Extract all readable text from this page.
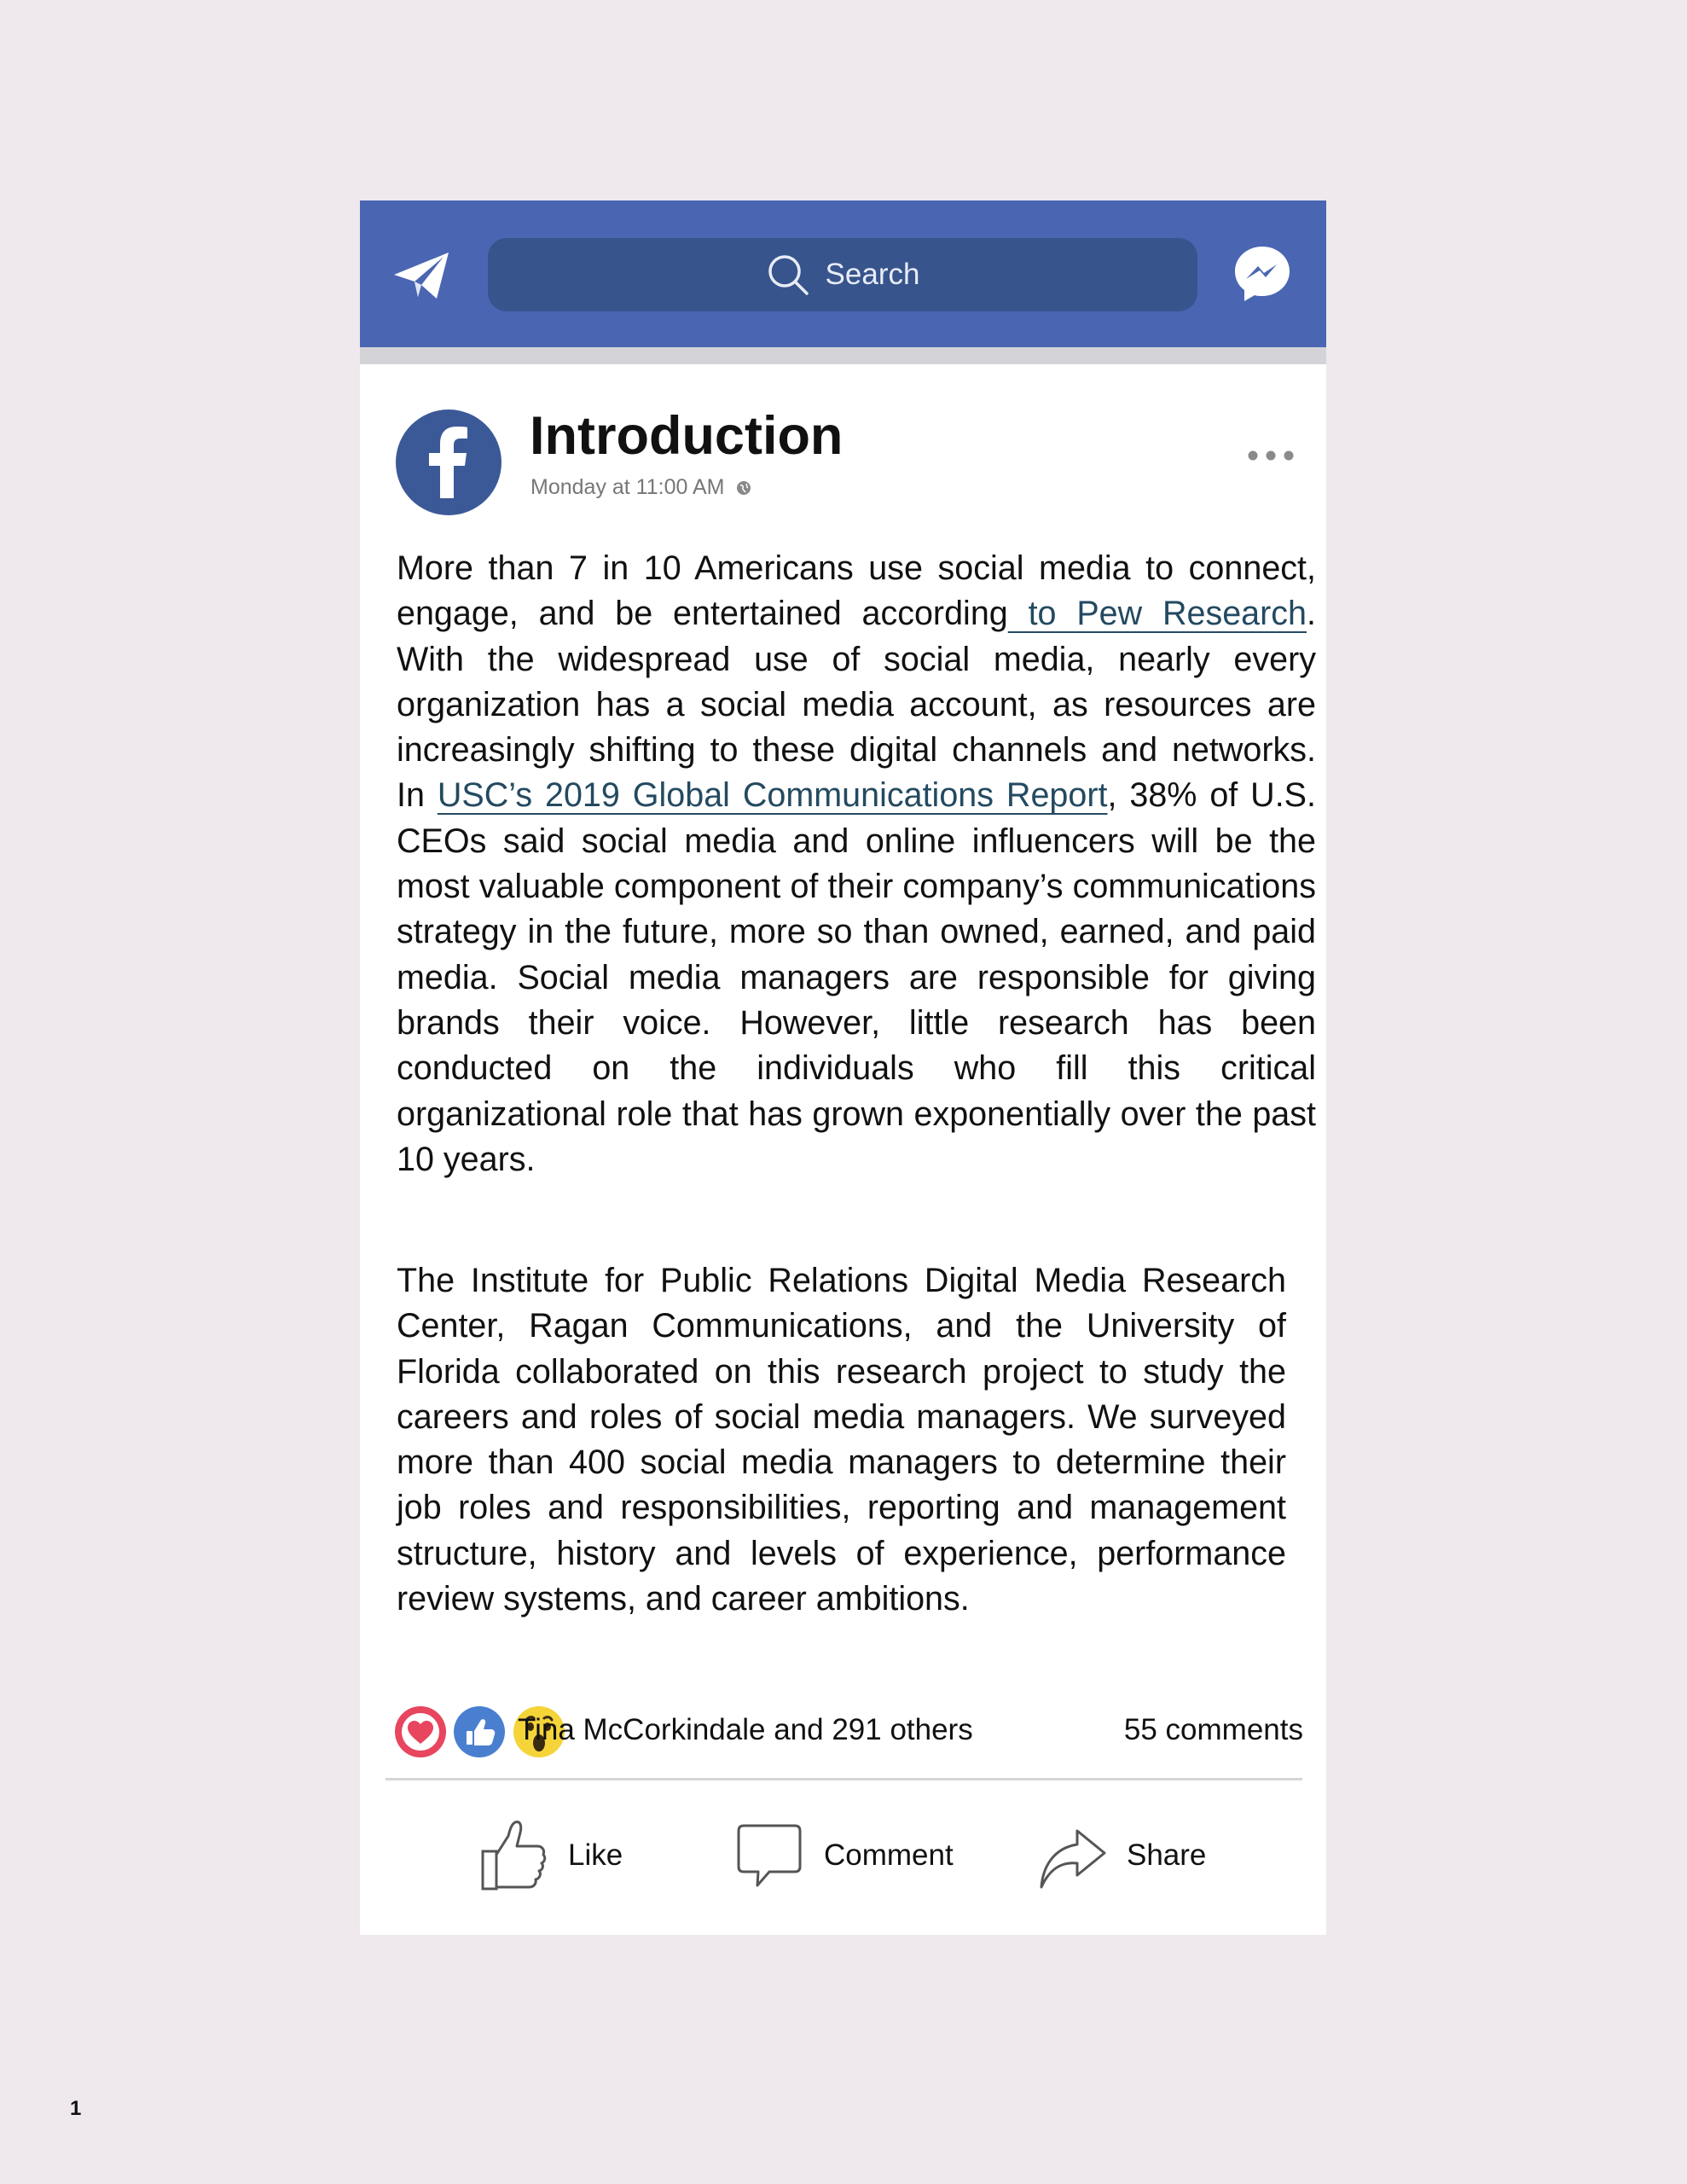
Search
Introduction
Monday at 11:00 AM

More than 7 in 10 Americans use social media to connect, engage, and be entertained according to Pew Research. With the widespread use of social media, nearly every organization has a social media account, as resources are increasingly shifting to these digital channels and networks. In USC’s 2019 Global Communications Report, 38% of U.S. CEOs said social media and online influencers will be the most valuable component of their company’s communications strategy in the future, more so than owned, earned, and paid media. Social media managers are responsible for giving brands their voice. However, little research has been conducted on the individuals who fill this critical organizational role that has grown exponentially over the past 10 years.

The Institute for Public Relations Digital Media Research Center, Ragan Communications, and the University of Florida collaborated on this research project to study the careers and roles of social media managers. We surveyed more than 400 social media managers to determine their job roles and responsibilities, reporting and management structure, history and levels of experience, performance review systems, and career ambitions.

Tina McCorkindale and 291 others	55 comments
Like	Comment	Share
1
